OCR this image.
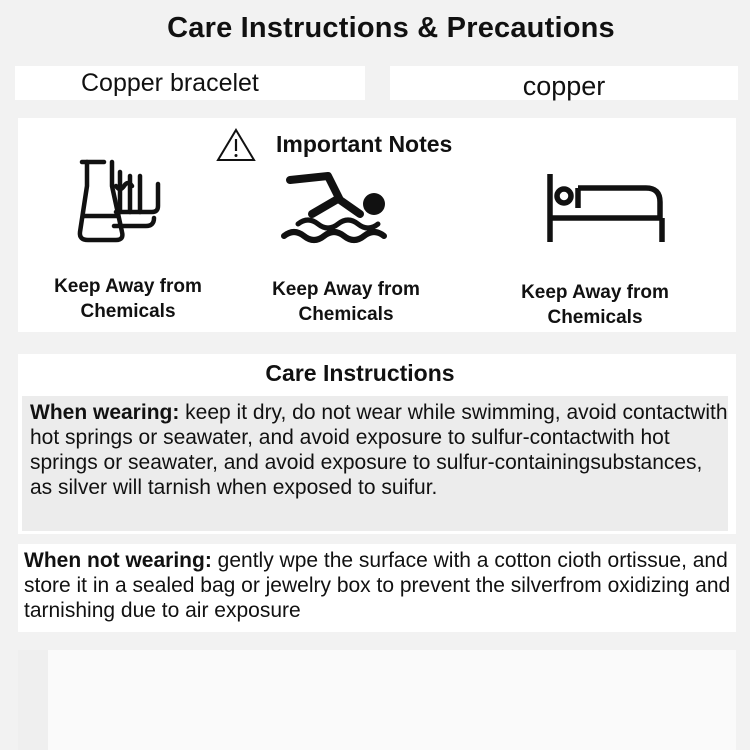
Care Instructions & Precautions
Copper bracelet	copper
Important Notes
Keep Away from
Chemicals
Keep Away from
Chemicals
Keep Away from
Chemicals
Care Instructions
When wearing: keep it dry, do not wear while swimming, avoid contactwith hot springs or seawater, and avoid exposure to sulfur-contactwith hot springs or seawater, and avoid exposure to sulfur-containingsubstances, as silver will tarnish when exposed to suifur.
When not wearing: gently wpe the surface with a cotton cioth ortissue, and store it in a sealed bag or jewelry box to prevent the silverfrom oxidizing and tarnishing due to air exposure
